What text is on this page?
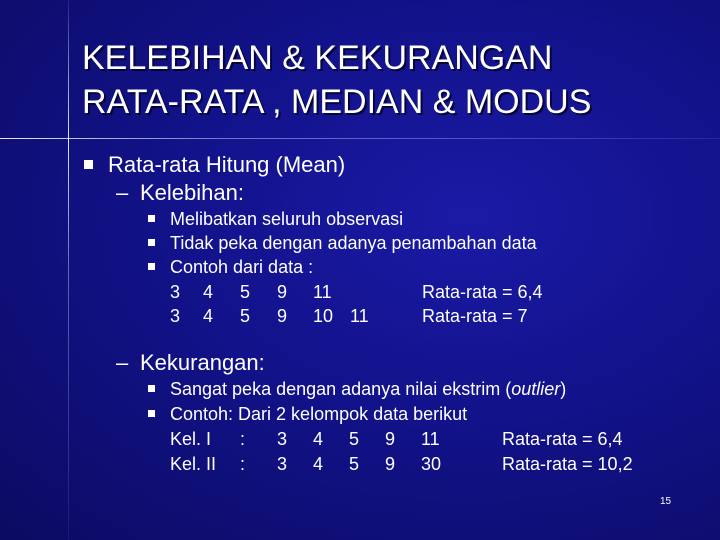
KELEBIHAN & KEKURANGAN
RATA-RATA , MEDIAN & MODUS
Rata-rata Hitung (Mean)
– Kelebihan:
Melibatkan seluruh observasi
Tidak peka dengan adanya penambahan data
Contoh dari data :
3 4 5 9 11	Rata-rata = 6,4
3 4 5 9 10 11	Rata-rata = 7
– Kekurangan:
Sangat peka dengan adanya nilai ekstrim (outlier)
Contoh: Dari 2 kelompok data berikut
Kel. I : 3 4 5 9 11	Rata-rata = 6,4
Kel. II : 3 4 5 9 30	Rata-rata = 10,2
15
